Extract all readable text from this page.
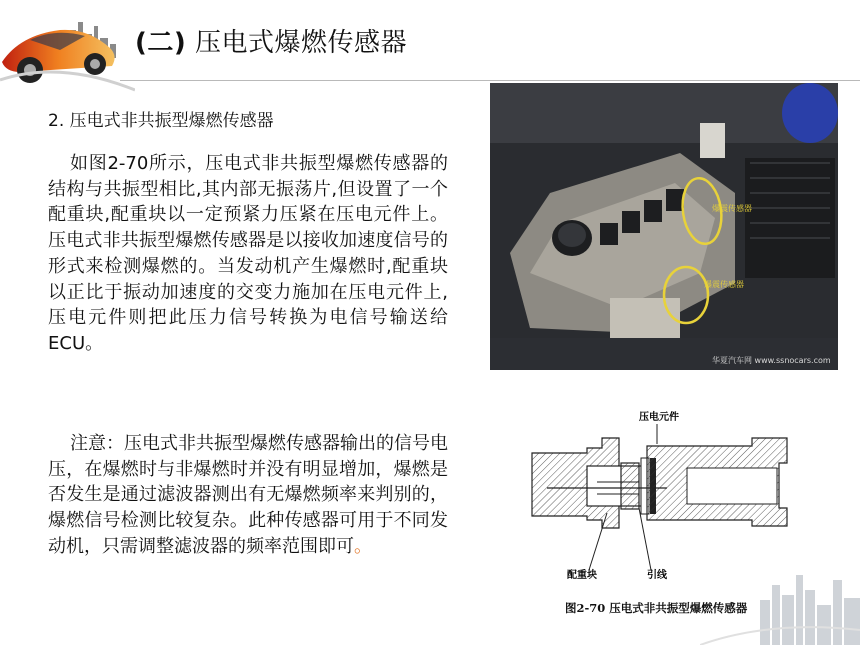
(二) 压电式爆燃传感器
2. 压电式非共振型爆燃传感器
如图2-70所示，压电式非共振型爆燃传感器的结构与共振型相比,其内部无振荡片,但设置了一个配重块,配重块以一定预紧力压紧在压电元件上。压电式非共振型爆燃传感器是以接收加速度信号的形式来检测爆燃的。当发动机产生爆燃时,配重块以正比于振动加速度的交变力施加在压电元件上,压电元件则把此压力信号转换为电信号输送给ECU。
注意：压电式非共振型爆燃传感器输出的信号电压，在爆燃时与非爆燃时并没有明显增加，爆燃是否发生是通过滤波器测出有无爆燃频率来判别的，爆燃信号检测比较复杂。此种传感器可用于不同发动机，只需调整滤波器的频率范围即可。
爆震传感器
爆震传感器
华夏汽车网 www.ssnocars.com
压电元件
配重块	引线
图2-70 压电式非共振型爆燃传感器
